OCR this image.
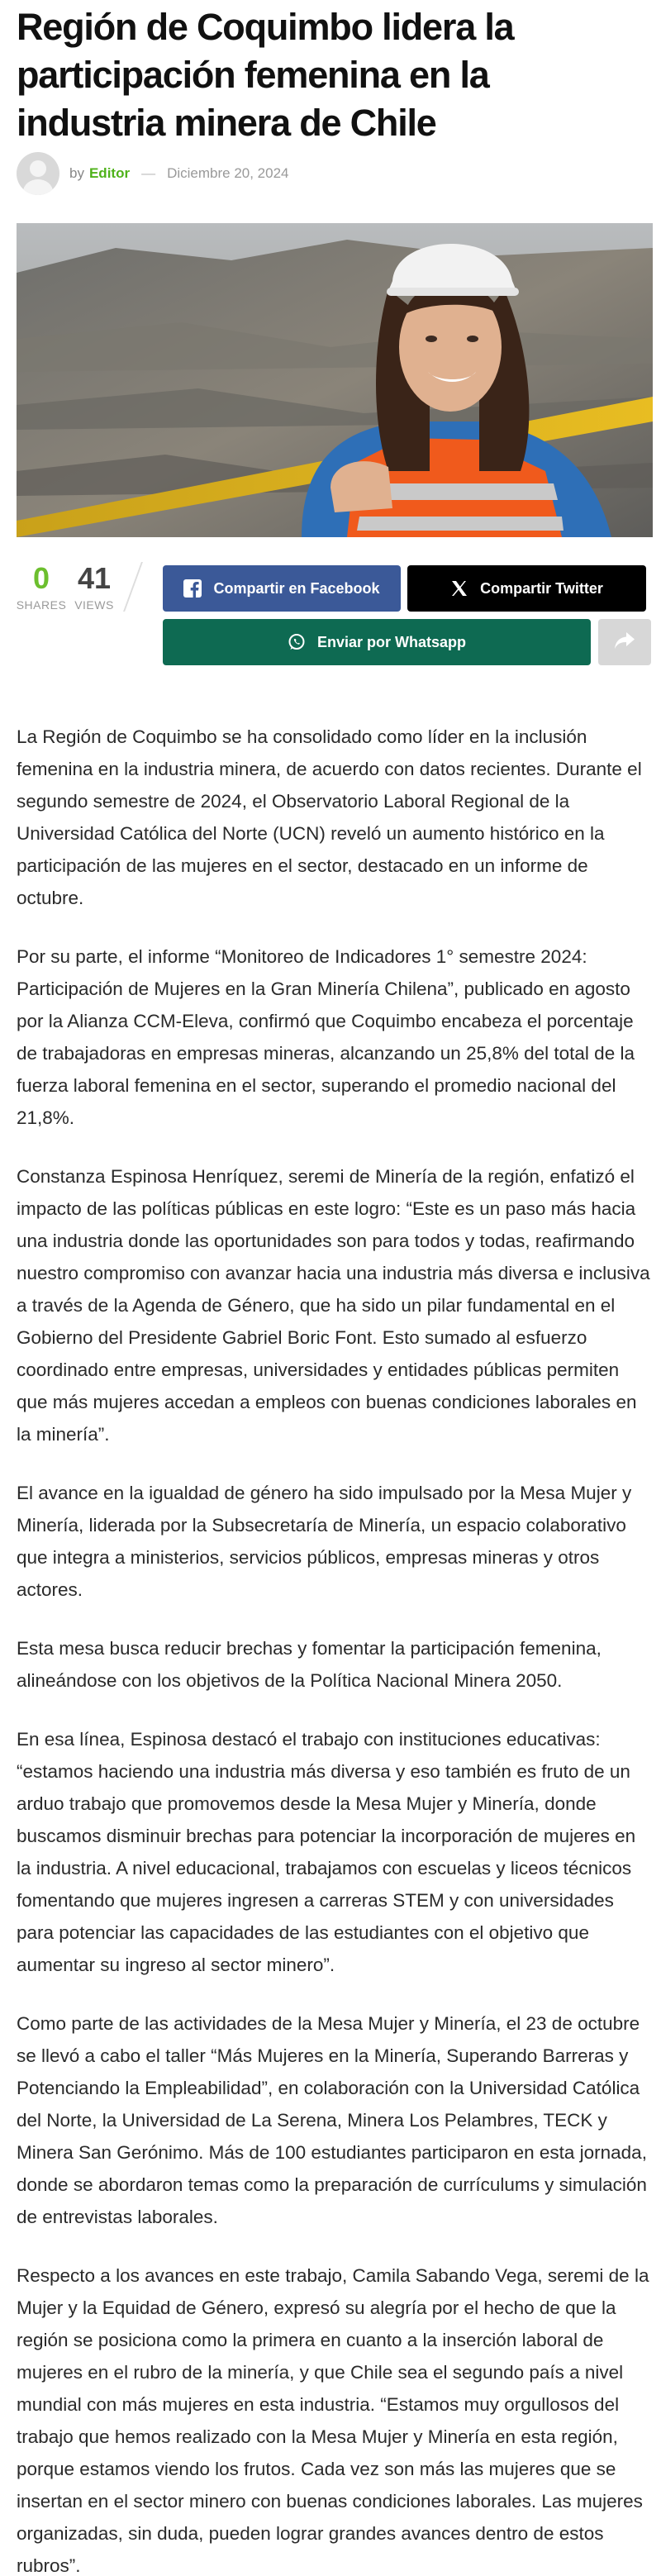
Región de Coquimbo lidera la participación femenina en la industria minera de Chile
by Editor — Diciembre 20, 2024
0
SHARES
41
VIEWS
Compartir en Facebook	Compartir Twitter
Enviar por Whatsapp

La Región de Coquimbo se ha consolidado como líder en la inclusión femenina en la industria minera, de acuerdo con datos recientes. Durante el segundo semestre de 2024, el Observatorio Laboral Regional de la Universidad Católica del Norte (UCN) reveló un aumento histórico en la participación de las mujeres en el sector, destacado en un informe de octubre.

Por su parte, el informe “Monitoreo de Indicadores 1° semestre 2024: Participación de Mujeres en la Gran Minería Chilena”, publicado en agosto por la Alianza CCM-Eleva, confirmó que Coquimbo encabeza el porcentaje de trabajadoras en empresas mineras, alcanzando un 25,8% del total de la fuerza laboral femenina en el sector, superando el promedio nacional del 21,8%.

Constanza Espinosa Henríquez, seremi de Minería de la región, enfatizó el impacto de las políticas públicas en este logro: “Este es un paso más hacia una industria donde las oportunidades son para todos y todas, reafirmando nuestro compromiso con avanzar hacia una industria más diversa e inclusiva a través de la Agenda de Género, que ha sido un pilar fundamental en el Gobierno del Presidente Gabriel Boric Font. Esto sumado al esfuerzo coordinado entre empresas, universidades y entidades públicas permiten que más mujeres accedan a empleos con buenas condiciones laborales en la minería”.

El avance en la igualdad de género ha sido impulsado por la Mesa Mujer y Minería, liderada por la Subsecretaría de Minería, un espacio colaborativo que integra a ministerios, servicios públicos, empresas mineras y otros actores.

Esta mesa busca reducir brechas y fomentar la participación femenina, alineándose con los objetivos de la Política Nacional Minera 2050.

En esa línea, Espinosa destacó el trabajo con instituciones educativas: “estamos haciendo una industria más diversa y eso también es fruto de un arduo trabajo que promovemos desde la Mesa Mujer y Minería, donde
buscamos disminuir brechas para potenciar la incorporación de mujeres en la industria. A nivel educacional, trabajamos con escuelas y liceos técnicos fomentando que mujeres ingresen a carreras STEM y con universidades para potenciar las capacidades de las estudiantes con el objetivo que aumentar su ingreso al sector minero”.

Como parte de las actividades de la Mesa Mujer y Minería, el 23 de octubre se llevó a cabo el taller “Más Mujeres en la Minería, Superando Barreras y Potenciando la Empleabilidad”, en colaboración con la Universidad Católica del Norte, la Universidad de La Serena, Minera Los Pelambres, TECK y Minera San Gerónimo. Más de 100 estudiantes participaron en esta jornada, donde se abordaron temas como la preparación de currículums y simulación de entrevistas laborales.

Respecto a los avances en este trabajo, Camila Sabando Vega, seremi de la Mujer y la Equidad de Género, expresó su alegría por el hecho de que la región se posiciona como la primera en cuanto a la inserción laboral de mujeres en el rubro de la minería, y que Chile sea el segundo país a nivel mundial con más mujeres en esta industria. “Estamos muy orgullosos del trabajo que hemos realizado con la Mesa Mujer y Minería en esta región, porque estamos viendo los frutos. Cada vez son más las mujeres que se insertan en el sector minero con buenas condiciones laborales. Las mujeres organizadas, sin duda, pueden lograr grandes avances dentro de estos rubros”.
